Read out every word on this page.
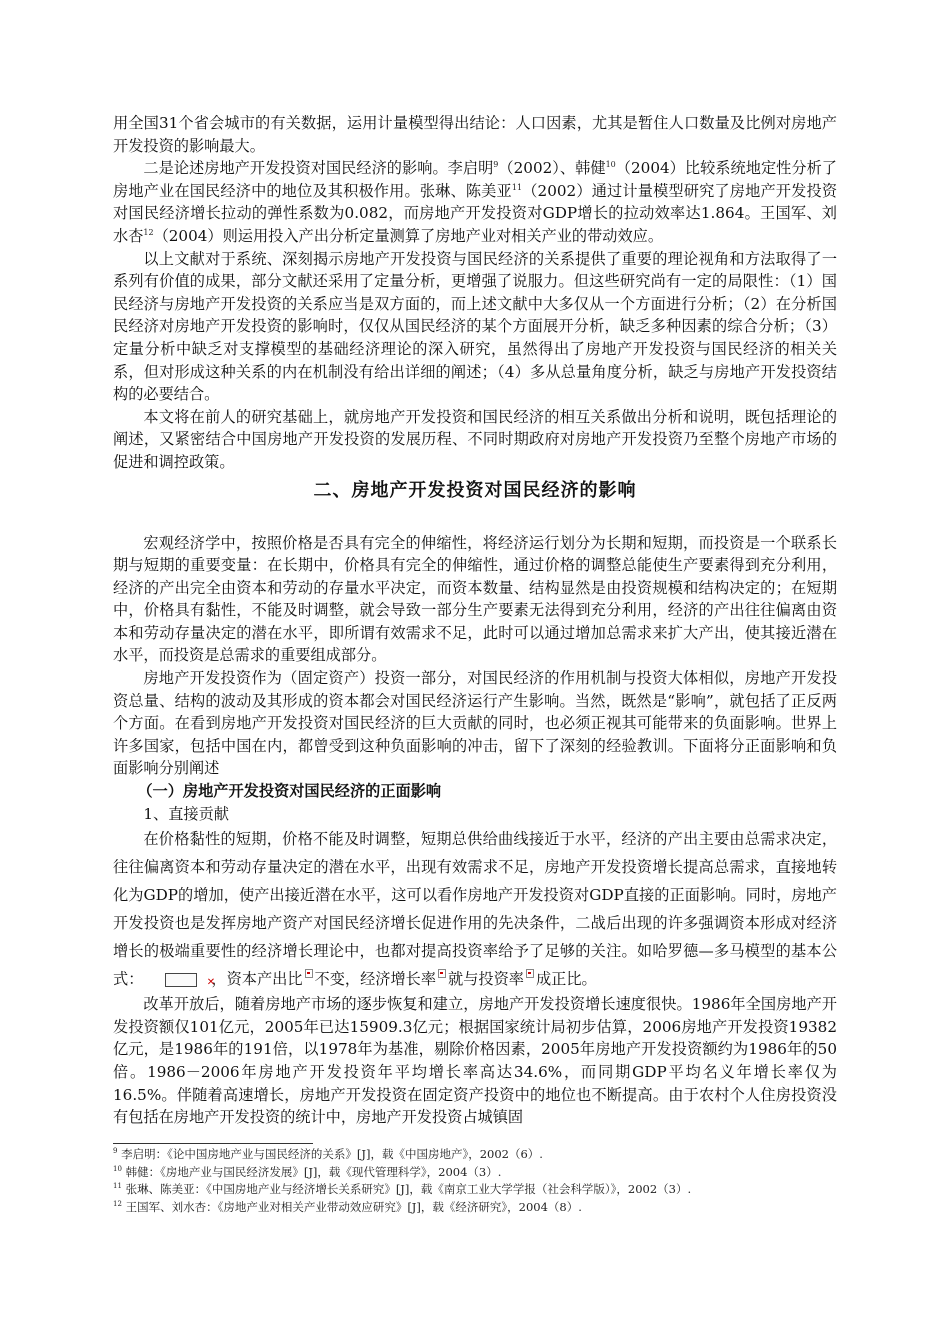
用全国31个省会城市的有关数据，运用计量模型得出结论：人口因素，尤其是暂住人口数量及比例对房地产开发投资的影响最大。

二是论述房地产开发投资对国民经济的影响。李启明$^9$（2002）、韩健$^{10}$（2004）比较系统地定性分析了房地产业在国民经济中的地位及其积极作用。张琳、陈美亚$^{11}$（2002）通过计量模型研究了房地产开发投资对国民经济增长拉动的弹性系数为0.082，而房地产开发投资对GDP增长的拉动效率达1.864。王国军、刘水杏$^{12}$（2004）则运用投入产出分析定量测算了房地产业对相关产业的带动效应。

以上文献对于系统、深刻揭示房地产开发投资与国民经济的关系提供了重要的理论视角和方法取得了一系列有价值的成果，部分文献还采用了定量分析，更增强了说服力。但这些研究尚有一定的局限性：（1）国民经济与房地产开发投资的关系应当是双方面的，而上述文献中大多仅从一个方面进行分析；（2）在分析国民经济对房地产开发投资的影响时，仅仅从国民经济的某个方面展开分析，缺乏多种因素的综合分析；（3）定量分析中缺乏对支撑模型的基础经济理论的深入研究，虽然得出了房地产开发投资与国民经济的相关关系，但对形成这种关系的内在机制没有给出详细的阐述；（4）多从总量角度分析，缺乏与房地产开发投资结构的必要结合。

本文将在前人的研究基础上，就房地产开发投资和国民经济的相互关系做出分析和说明，既包括理论的阐述，又紧密结合中国房地产开发投资的发展历程、不同时期政府对房地产开发投资乃至整个房地产市场的促进和调控政策。

二、房地产开发投资对国民经济的影响

宏观经济学中，按照价格是否具有完全的伸缩性，将经济运行划分为长期和短期，而投资是一个联系长期与短期的重要变量：在长期中，价格具有完全的伸缩性，通过价格的调整总能使生产要素得到充分利用，经济的产出完全由资本和劳动的存量水平决定，而资本数量、结构显然是由投资规模和结构决定的；在短期中，价格具有黏性，不能及时调整，就会导致一部分生产要素无法得到充分利用，经济的产出往往偏离由资本和劳动存量决定的潜在水平，即所谓有效需求不足，此时可以通过增加总需求来扩大产出，使其接近潜在水平，而投资是总需求的重要组成部分。

房地产开发投资作为（固定资产）投资一部分，对国民经济的作用机制与投资大体相似，房地产开发投资总量、结构的波动及其形成的资本都会对国民经济运行产生影响。当然，既然是“影响”，就包括了正反两个方面。在看到房地产开发投资对国民经济的巨大贡献的同时，也必须正视其可能带来的负面影响。世界上许多国家，包括中国在内，都曾受到这种负面影响的冲击，留下了深刻的经验教训。下面将分正面影响和负面影响分别阐述

（一）房地产开发投资对国民经济的正面影响

1、直接贡献

在价格黏性的短期，价格不能及时调整，短期总供给曲线接近于水平，经济的产出主要由总需求决定，往往偏离资本和劳动存量决定的潜在水平，出现有效需求不足，房地产开发投资增长提高总需求，直接地转化为GDP的增加，使产出接近潜在水平，这可以看作房地产开发投资对GDP直接的正面影响。同时，房地产开发投资也是发挥房地产资产对国民经济增长促进作用的先决条件，二战后出现的许多强调资本形成对经济增长的极端重要性的经济增长理论中，也都对提高投资率给予了足够的关注。如哈罗德—多马模型的基本公式：✕	，资本产出比 不变，经济增长率 就与投资率 成正比。

改革开放后，随着房地产市场的逐步恢复和建立，房地产开发投资增长速度很快。1986年全国房地产开发投资额仅101亿元，2005年已达15909.3亿元；根据国家统计局初步估算，2006房地产开发投资19382亿元，是1986年的191倍，以1978年为基准，剔除价格因素，2005年房地产开发投资额约为1986年的50倍。1986－2006年房地产开发投资年平均增长率高达34.6%，而同期GDP平均名义年增长率仅为16.5%。伴随着高速增长，房地产开发投资在固定资产投资中的地位也不断提高。由于农村个人住房投资没有包括在房地产开发投资的统计中，房地产开发投资占城镇固

$^9$ 李启明：《论中国房地产业与国民经济的关系》[J]，载《中国房地产》，2002（6）.

$^{10}$ 韩健：《房地产业与国民经济发展》[J]，载《现代管理科学》，2004（3）.

$^{11}$ 张琳、陈美亚：《中国房地产业与经济增长关系研究》[J]，载《南京工业大学学报（社会科学版）》，2002（3）.

$^{12}$ 王国军、刘水杏：《房地产业对相关产业带动效应研究》[J]，载《经济研究》，2004（8）.
